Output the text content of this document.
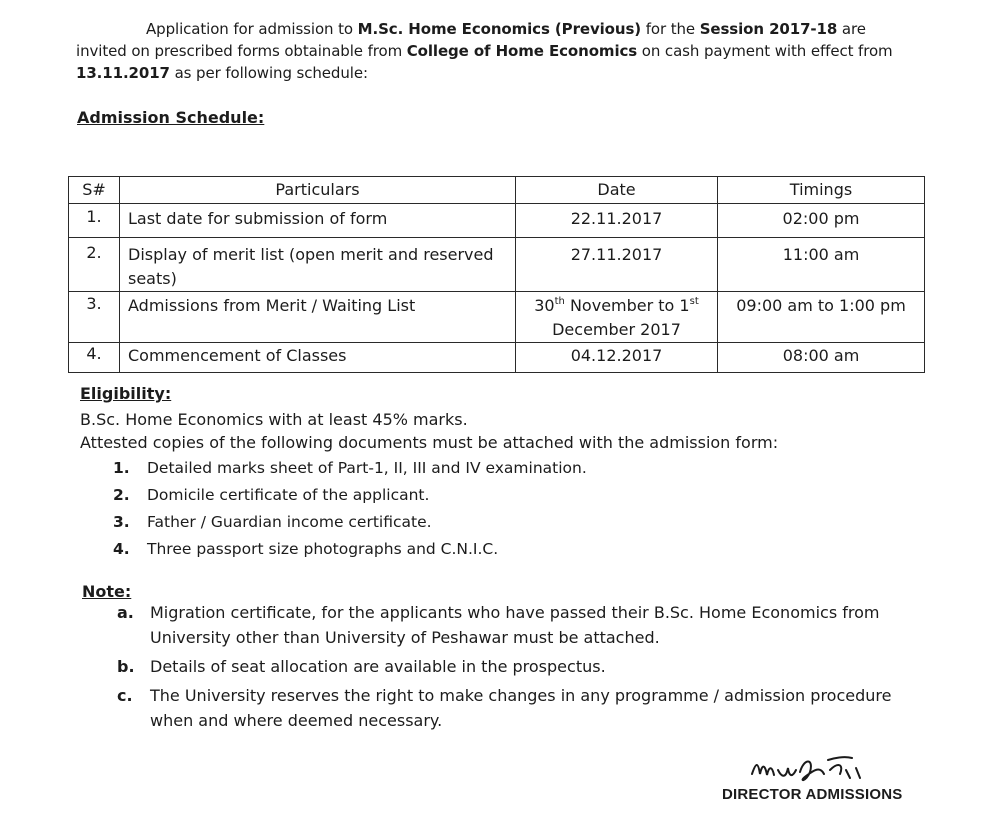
Application for admission to M.Sc. Home Economics (Previous) for the Session 2017-18 are invited on prescribed forms obtainable from College of Home Economics on cash payment with effect from 13.11.2017 as per following schedule:

Admission Schedule:
S#	Particulars	Date	Timings
1.	Last date for submission of form	22.11.2017	02:00 pm
2.	Display of merit list (open merit and reserved seats)	27.11.2017	11:00 am
3.	Admissions from Merit / Waiting List	30th November to 1st December 2017	09:00 am to 1:00 pm
4.	Commencement of Classes	04.12.2017	08:00 am
Eligibility:

B.Sc. Home Economics with at least 45% marks.

Attested copies of the following documents must be attached with the admission form:

1.	Detailed marks sheet of Part-1, II, III and IV examination.
2.	Domicile certificate of the applicant.
3.	Father / Guardian income certificate.
4.	Three passport size photographs and C.N.I.C.
Note:
a.	Migration certificate, for the applicants who have passed their B.Sc. Home Economics from University other than University of Peshawar must be attached.
b. Details of seat allocation are available in the prospectus.
c.	The University reserves the right to make changes in any programme / admission procedure when and where deemed necessary.
DIRECTOR ADMISSIONS
